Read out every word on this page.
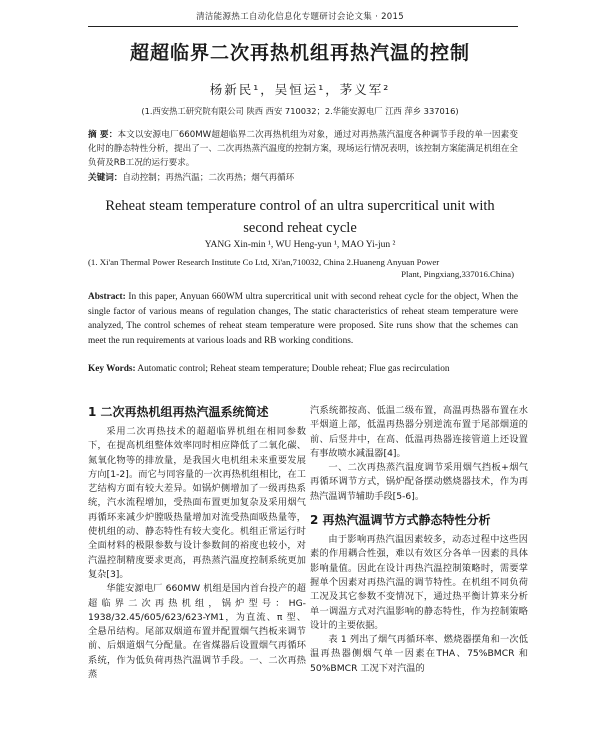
清洁能源热工自动化信息化专题研讨会论文集 · 2015
超超临界二次再热机组再热汽温的控制
杨新民¹，吴恒运¹，茅义军²
(1.西安热工研究院有限公司 陕西 西安 710032；2.华能安源电厂 江西 萍乡 337016)
摘 要：本文以安源电厂660MW超超临界二次再热机组为对象，通过对再热蒸汽温度各种调节手段的单一因素变化时的静态特性分析，提出了一、二次再热蒸汽温度的控制方案，现场运行情况表明，该控制方案能满足机组在全负荷及RB工况的运行要求。
关键词：自动控制；再热汽温；二次再热；烟气再循环
Reheat steam temperature control of an ultra supercritical unit with
second reheat cycle
YANG Xin-min ¹, WU Heng-yun ¹, MAO Yi-jun ²
(1. Xi'an Thermal Power Research Institute Co Ltd, Xi'an,710032, China 2.Huaneng Anyuan Power
Plant, Pingxiang,337016.China)
Abstract: In this paper, Anyuan 660WM ultra supercritical unit with second reheat cycle for the object, When the single factor of various means of regulation changes, The static characteristics of reheat steam temperature were analyzed, The control schemes of reheat steam temperature were proposed. Site runs show that the schemes can meet the run requirements at various loads and RB working conditions.
Key Words: Automatic control; Reheat steam temperature; Double reheat; Flue gas recirculation
1 二次再热机组再热汽温系统简述

采用二次再热技术的超超临界机组在相同参数下，在提高机组整体效率同时相应降低了二氧化碳、氮氧化物等的排放量，是我国火电机组未来重要发展方向[1-2]。而它与同容量的一次再热机组相比，在工艺结构方面有较大差异。如锅炉侧增加了一级再热系统，汽水流程增加，受热面布置更加复杂及采用烟气再循环来减少炉膛吸热量增加对流受热面吸热量等，使机组的动、静态特性有较大变化。机组正常运行时全面材料的极限参数与设计参数间的裕度也较小，对汽温控制精度要求更高，再热蒸汽温度控制系统更加复杂[3]。

华能安源电厂 660MW 机组是国内首台投产的超超临界二次再热机组，锅炉型号：HG-1938/32.45/605/623/623-YM1，为直流、π 型、全悬吊结构。尾部双烟道布置并配置烟气挡板来调节前、后烟道烟气分配量。在省煤器后设置烟气再循环系统，作为低负荷再热汽温调节手段。一、二次再热蒸

汽系统都按高、低温二级布置，高温再热器布置在水平烟道上部，低温再热器分别逆流布置于尾部烟道的前、后竖井中，在高、低温再热器连接管道上还设置有事故喷水减温器[4]。

一、二次再热蒸汽温度调节采用烟气挡板+烟气再循环调节方式，锅炉配备摆动燃烧器技术，作为再热汽温调节辅助手段[5-6]。

2 再热汽温调节方式静态特性分析

由于影响再热汽温因素较多，动态过程中这些因素的作用耦合性强，难以有效区分各单一因素的具体影响量值。因此在设计再热汽温控制策略时，需要掌握单个因素对再热汽温的调节特性。在机组不同负荷工况及其它参数不变情况下，通过热平衡计算来分析单一调温方式对汽温影响的静态特性，作为控制策略设计的主要依据。

表 1 列出了烟气再循环率、燃烧器摆角和一次低温再热器侧烟气单一因素在THA、75%BMCR 和 50%BMCR 工况下对汽温的
